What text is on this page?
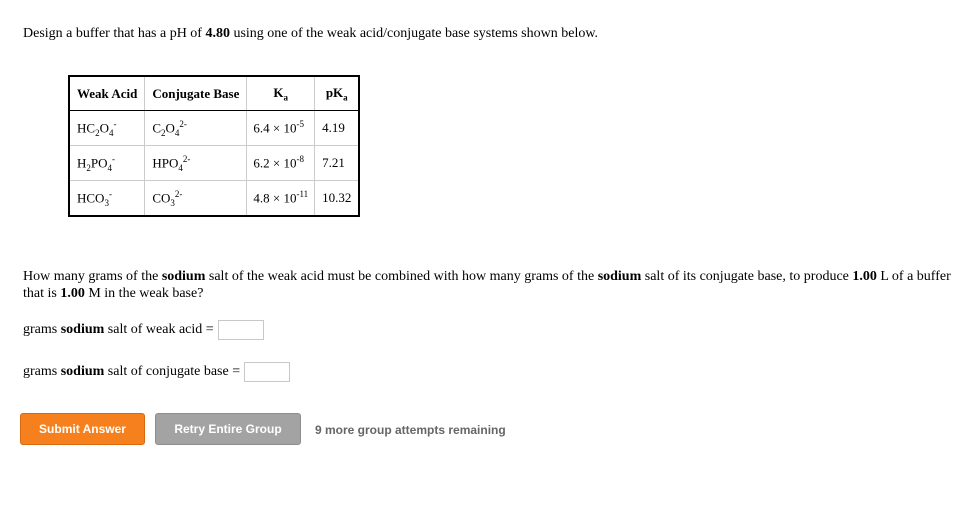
Design a buffer that has a pH of 4.80 using one of the weak acid/conjugate base systems shown below.
Weak Acid	Conjugate Base	$K_a$	$pK_a$
$HC_2O_4^-$	$C_2O_4^{2-}$	$6.4 \times 10^{-5}$	4.19
$H_2PO_4^-$	$HPO_4^{2-}$	$6.2 \times 10^{-8}$	7.21
$HCO_3^-$	$CO_3^{2-}$	$4.8 \times 10^{-11}$	10.32
How many grams of the sodium salt of the weak acid must be combined with how many grams of the sodium salt of its conjugate base, to produce 1.00 L of a buffer that is 1.00 M in the weak base?
grams sodium salt of weak acid =
grams sodium salt of conjugate base =
Submit Answer	Retry Entire Group	9 more group attempts remaining
